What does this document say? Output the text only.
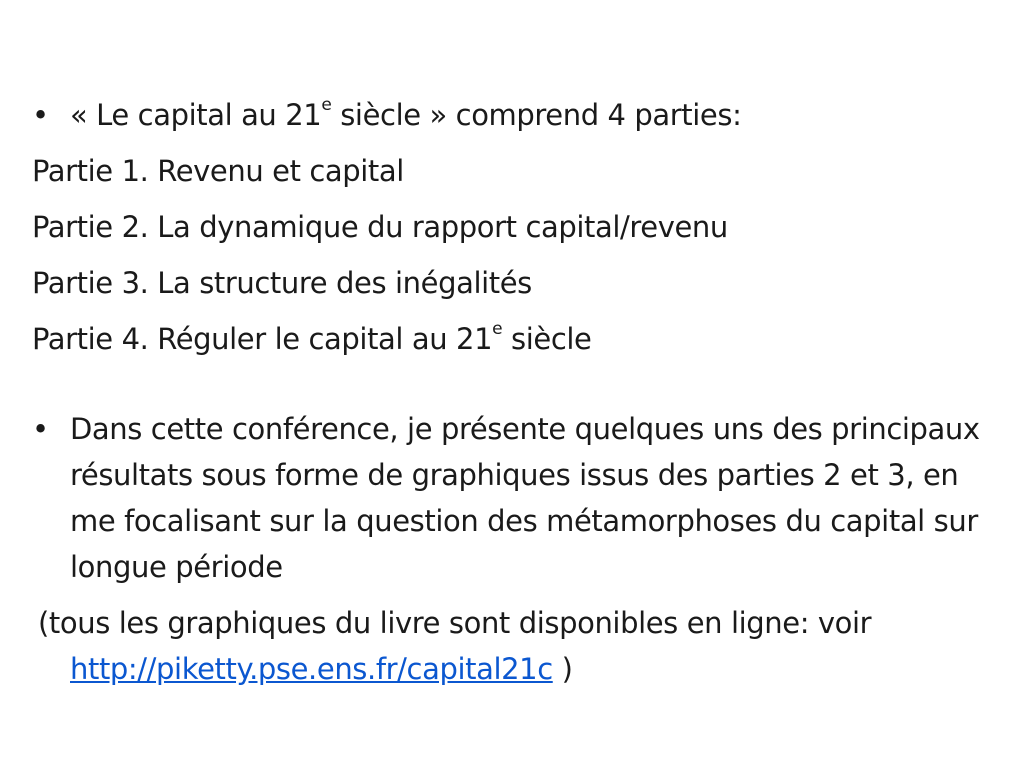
• « Le capital au 21e siècle » comprend 4 parties:
Partie 1. Revenu et capital
Partie 2. La dynamique du rapport capital/revenu
Partie 3. La structure des inégalités
Partie 4. Réguler le capital au 21e siècle
• Dans cette conférence, je présente quelques uns des principaux résultats sous forme de graphiques issus des parties 2 et 3, en me focalisant sur la question des métamorphoses du capital sur longue période
(tous les graphiques du livre sont disponibles en ligne: voir http://piketty.pse.ens.fr/capital21c )
